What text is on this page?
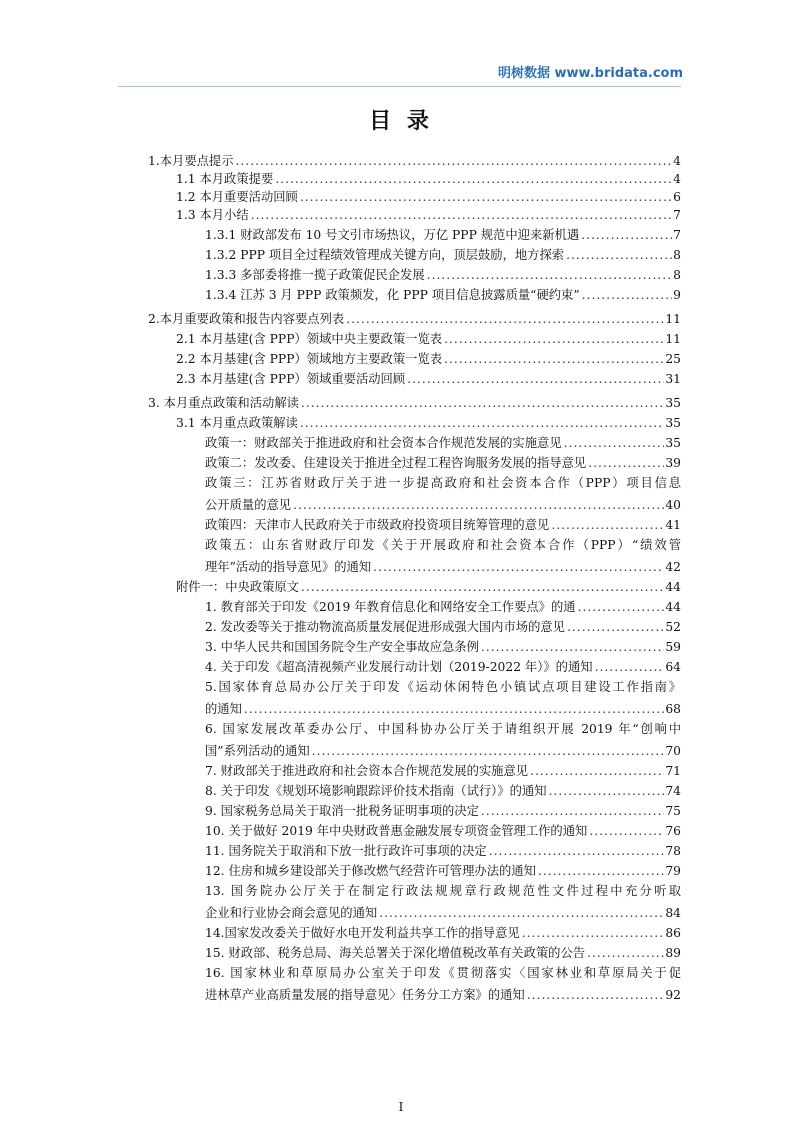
明树数据 www.bridata.com
目 录
1.本月要点提示 .....	4
1.1 本月政策提要 .....	4
1.2 本月重要活动回顾 .....	6
1.3 本月小结 .....	7
1.3.1 财政部发布 10 号文引市场热议，万亿 PPP 规范中迎来新机遇 .....	7
1.3.2 PPP 项目全过程绩效管理成关键方向，顶层鼓励，地方探索 .....	8
1.3.3 多部委将推一揽子政策促民企发展 .....	8
1.3.4 江苏 3 月 PPP 政策频发，化 PPP 项目信息披露质量“硬约束” .....	9
2.本月重要政策和报告内容要点列表 .....	11
2.1 本月基建(含 PPP）领域中央主要政策一览表 .....	11
2.2 本月基建(含 PPP）领域地方主要政策一览表 .....	25
2.3 本月基建(含 PPP）领域重要活动回顾 .....	31
3. 本月重点政策和活动解读 .....	35
3.1 本月重点政策解读 .....	35
政策一：财政部关于推进政府和社会资本合作规范发展的实施意见 .....	35
政策二：发改委、住建设关于推进全过程工程咨询服务发展的指导意见 .....	39
政策三：江苏省财政厅关于进一步提高政府和社会资本合作（PPP）项目信息
公开质量的意见 .....	40
政策四：天津市人民政府关于市级政府投资项目统筹管理的意见 .....	41
政策五：山东省财政厅印发《关于开展政府和社会资本合作（PPP）“绩效管
理年”活动的指导意见》的通知 .....	42
附件一：中央政策原文 .....	44
1. 教育部关于印发《2019 年教育信息化和网络安全工作要点》的通 .....	44
2. 发改委等关于推动物流高质量发展促进形成强大国内市场的意见 .....	52
3. 中华人民共和国国务院令生产安全事故应急条例 .....	59
4. 关于印发《超高清视频产业发展行动计划（2019-2022 年）》的通知 .....	64
5.国家体育总局办公厅关于印发《运动休闲特色小镇试点项目建设工作指南》
的通知 .....	68
6. 国家发展改革委办公厅、中国科协办公厅关于请组织开展 2019 年“创响中
国”系列活动的通知 .....	70
7. 财政部关于推进政府和社会资本合作规范发展的实施意见 .....	71
8. 关于印发《规划环境影响跟踪评价技术指南（试行）》的通知 .....	74
9. 国家税务总局关于取消一批税务证明事项的决定 .....	75
10. 关于做好 2019 年中央财政普惠金融发展专项资金管理工作的通知 .....	76
11. 国务院关于取消和下放一批行政许可事项的决定 .....	78
12. 住房和城乡建设部关于修改燃气经营许可管理办法的通知 .....	79
13. 国务院办公厅关于在制定行政法规规章行政规范性文件过程中充分听取
企业和行业协会商会意见的通知 .....	84
14.国家发改委关于做好水电开发利益共享工作的指导意见 .....	86
15. 财政部、税务总局、海关总署关于深化增值税改革有关政策的公告 .....	89
16. 国家林业和草原局办公室关于印发《贯彻落实〈国家林业和草原局关于促
进林草产业高质量发展的指导意见〉任务分工方案》的通知 .....	92
I
